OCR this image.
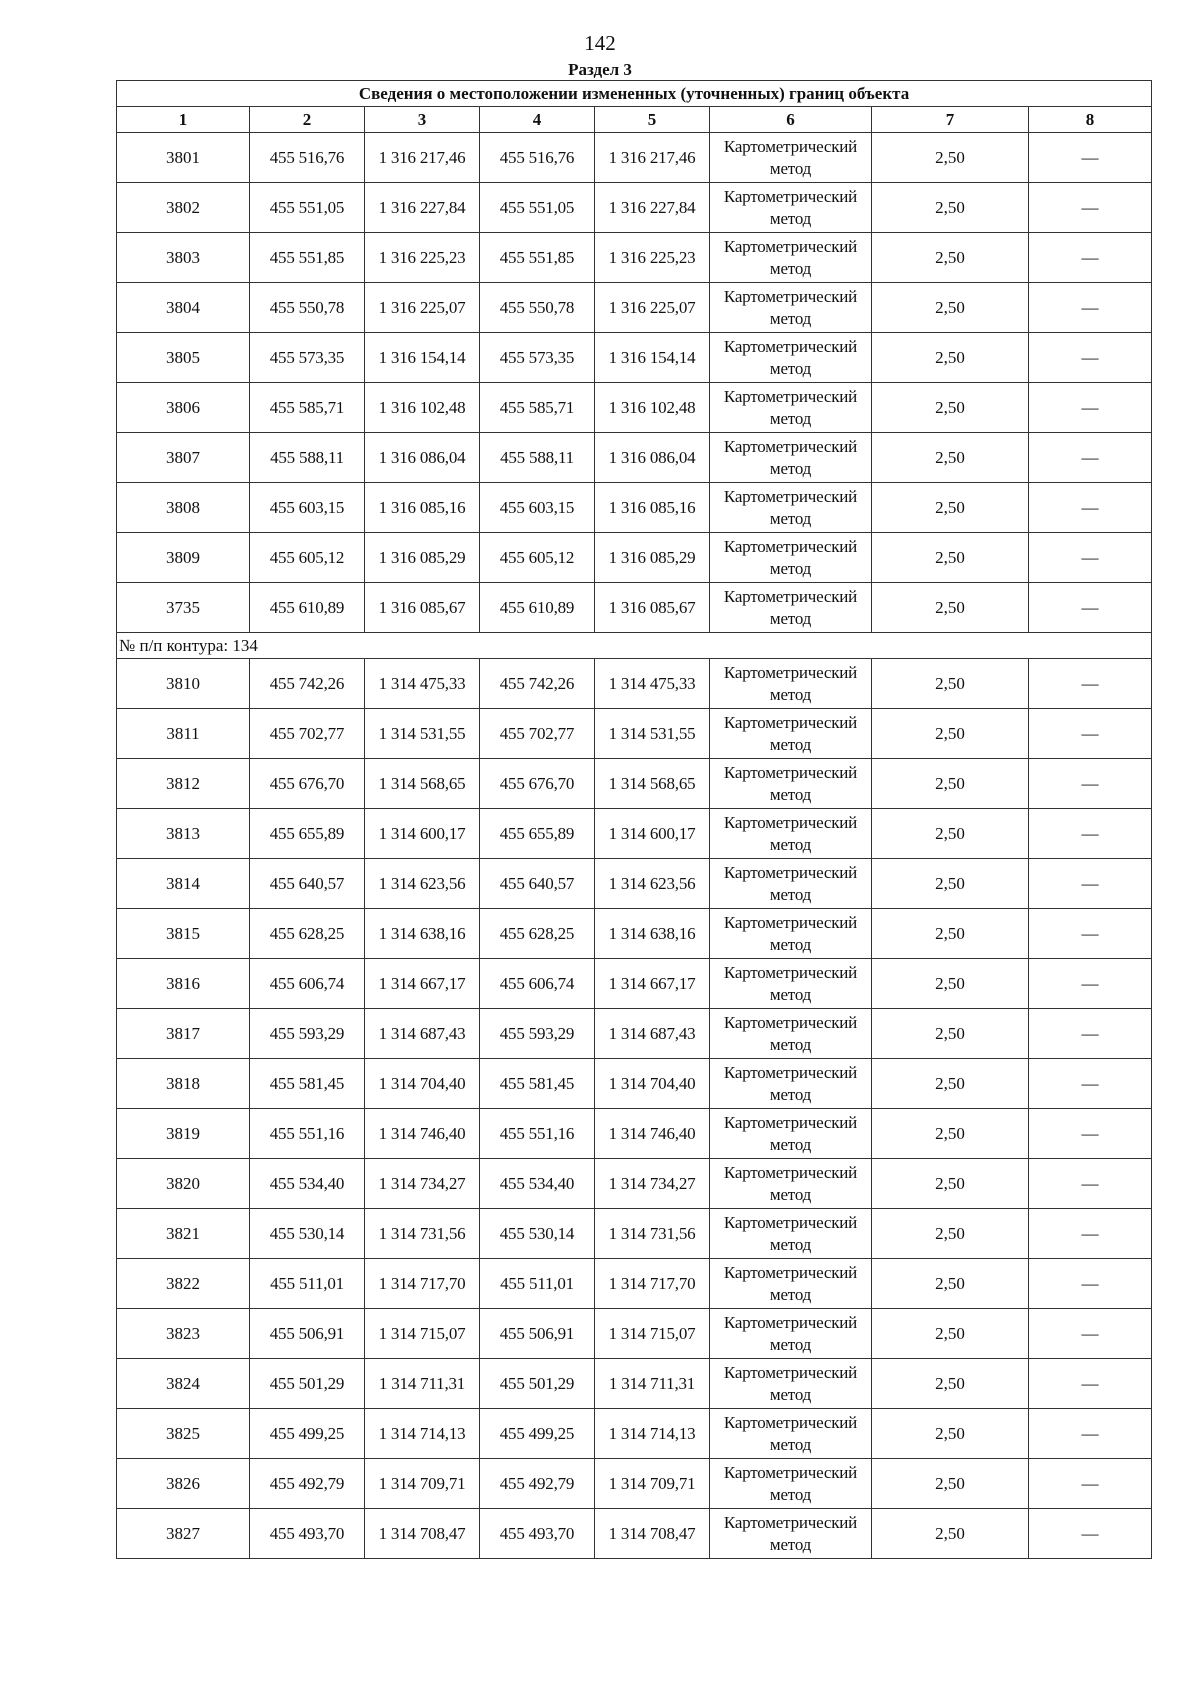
142
Раздел 3
Сведения о местоположении измененных (уточненных) границ объекта							
1	2	3	4	5	6	7	8
3801	455 516,76	1 316 217,46	455 516,76	1 316 217,46	Картометрический метод	2,50	—
3802	455 551,05	1 316 227,84	455 551,05	1 316 227,84	Картометрический метод	2,50	—
3803	455 551,85	1 316 225,23	455 551,85	1 316 225,23	Картометрический метод	2,50	—
3804	455 550,78	1 316 225,07	455 550,78	1 316 225,07	Картометрический метод	2,50	—
3805	455 573,35	1 316 154,14	455 573,35	1 316 154,14	Картометрический метод	2,50	—
3806	455 585,71	1 316 102,48	455 585,71	1 316 102,48	Картометрический метод	2,50	—
3807	455 588,11	1 316 086,04	455 588,11	1 316 086,04	Картометрический метод	2,50	—
3808	455 603,15	1 316 085,16	455 603,15	1 316 085,16	Картометрический метод	2,50	—
3809	455 605,12	1 316 085,29	455 605,12	1 316 085,29	Картометрический метод	2,50	—
3735	455 610,89	1 316 085,67	455 610,89	1 316 085,67	Картометрический метод	2,50	—
№ п/п контура: 134							
3810	455 742,26	1 314 475,33	455 742,26	1 314 475,33	Картометрический метод	2,50	—
3811	455 702,77	1 314 531,55	455 702,77	1 314 531,55	Картометрический метод	2,50	—
3812	455 676,70	1 314 568,65	455 676,70	1 314 568,65	Картометрический метод	2,50	—
3813	455 655,89	1 314 600,17	455 655,89	1 314 600,17	Картометрический метод	2,50	—
3814	455 640,57	1 314 623,56	455 640,57	1 314 623,56	Картометрический метод	2,50	—
3815	455 628,25	1 314 638,16	455 628,25	1 314 638,16	Картометрический метод	2,50	—
3816	455 606,74	1 314 667,17	455 606,74	1 314 667,17	Картометрический метод	2,50	—
3817	455 593,29	1 314 687,43	455 593,29	1 314 687,43	Картометрический метод	2,50	—
3818	455 581,45	1 314 704,40	455 581,45	1 314 704,40	Картометрический метод	2,50	—
3819	455 551,16	1 314 746,40	455 551,16	1 314 746,40	Картометрический метод	2,50	—
3820	455 534,40	1 314 734,27	455 534,40	1 314 734,27	Картометрический метод	2,50	—
3821	455 530,14	1 314 731,56	455 530,14	1 314 731,56	Картометрический метод	2,50	—
3822	455 511,01	1 314 717,70	455 511,01	1 314 717,70	Картометрический метод	2,50	—
3823	455 506,91	1 314 715,07	455 506,91	1 314 715,07	Картометрический метод	2,50	—
3824	455 501,29	1 314 711,31	455 501,29	1 314 711,31	Картометрический метод	2,50	—
3825	455 499,25	1 314 714,13	455 499,25	1 314 714,13	Картометрический метод	2,50	—
3826	455 492,79	1 314 709,71	455 492,79	1 314 709,71	Картометрический метод	2,50	—
3827	455 493,70	1 314 708,47	455 493,70	1 314 708,47	Картометрический метод	2,50	—
